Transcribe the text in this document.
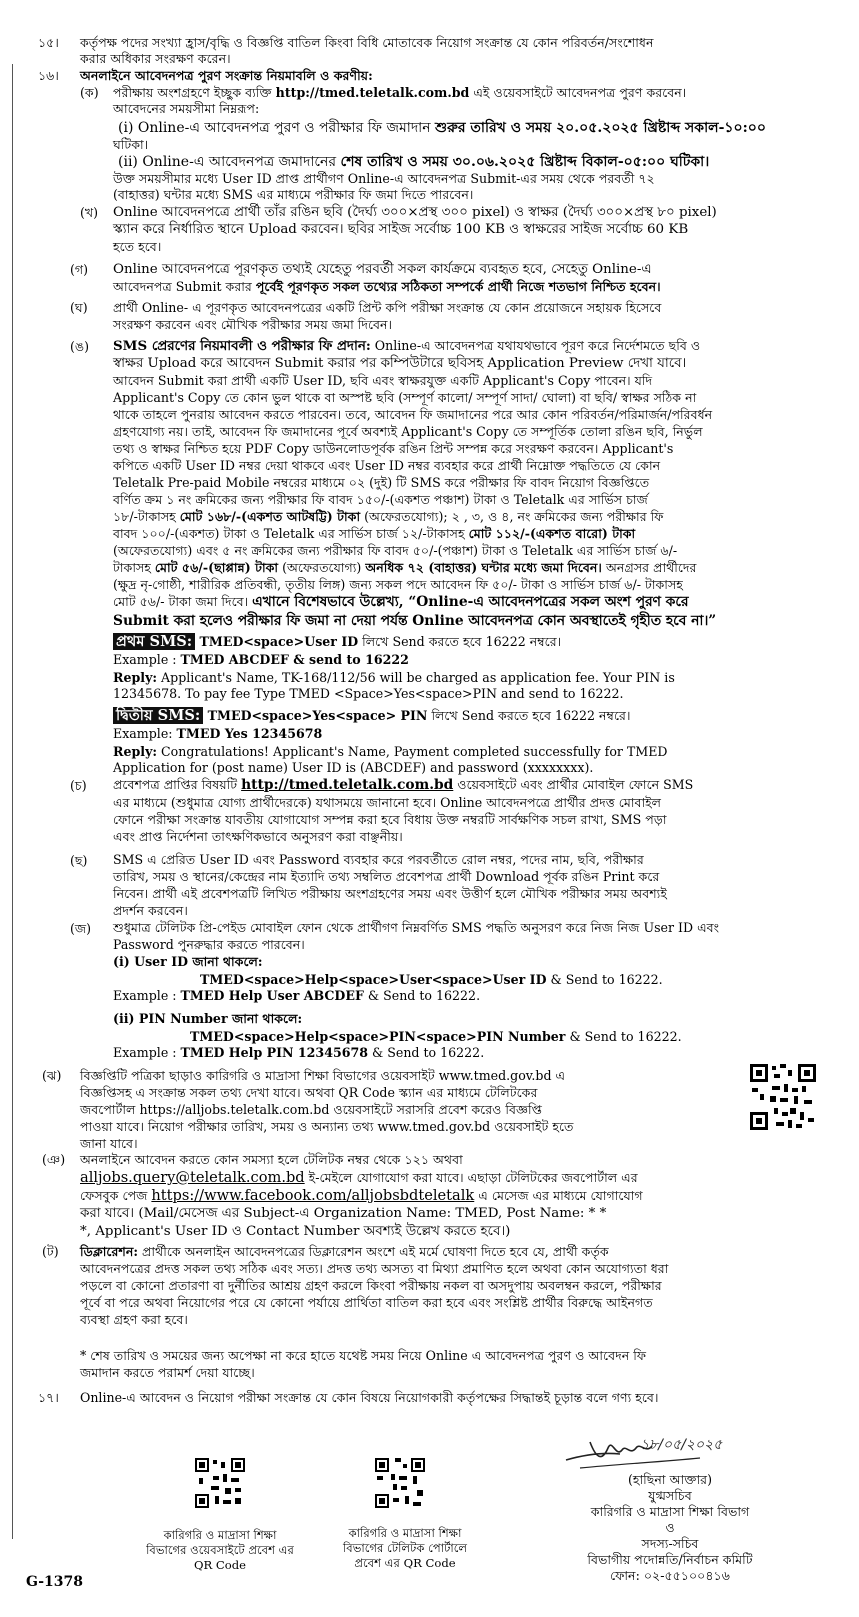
১৫। কর্তৃপক্ষ পদের সংখ্যা হ্রাস/বৃদ্ধি ও বিজ্ঞপ্তি বাতিল কিংবা বিধি মোতাবেক নিয়োগ সংক্রান্ত যে কোন পরিবর্তন/সংশোধন
করার অধিকার সংরক্ষণ করেন।
১৬। অনলাইনে আবেদনপত্র পুরণ সংক্রান্ত নিয়মাবলি ও করণীয়:
(ক) পরীক্ষায় অংশগ্রহণে ইচ্ছুক ব্যক্তি http://tmed.teletalk.com.bd এই ওয়েবসাইটে আবেদনপত্র পুরণ করবেন।
আবেদনের সময়সীমা নিম্নরূপ:
(i) Online-এ আবেদনপত্র পুরণ ও পরীক্ষার ফি জমাদান শুরুর তারিখ ও সময় ২০.০৫.২০২৫ খ্রিষ্টাব্দ সকাল-১০:০০
ঘটিকা।
(ii) Online-এ আবেদনপত্র জমাদানের শেষ তারিখ ও সময় ৩০.০৬.২০২৫ খ্রিষ্টাব্দ বিকাল-০৫:০০ ঘটিকা।
উক্ত সময়সীমার মধ্যে User ID প্রাপ্ত প্রার্থীগণ Online-এ আবেদনপত্র Submit-এর সময় থেকে পরবর্তী ৭২
(বাহাত্তর) ঘন্টার মধ্যে SMS এর মাধ্যমে পরীক্ষার ফি জমা দিতে পারবেন।
(খ) Online আবেদনপত্রে প্রার্থী তাঁর রঙিন ছবি (দৈর্ঘ্য ৩০০×প্রস্থ ৩০০ pixel) ও স্বাক্ষর (দৈর্ঘ্য ৩০০×প্রস্থ ৮০ pixel)
স্ক্যান করে নির্ধারিত স্থানে Upload করবেন। ছবির সাইজ সর্বোচ্চ 100 KB ও স্বাক্ষরের সাইজ সর্বোচ্চ 60 KB
হতে হবে।
(গ) Online আবেদনপত্রে পূরণকৃত তথ্যই যেহেতু পরবর্তী সকল কার্যক্রমে ব্যবহৃত হবে, সেহেতু Online-এ
আবেদনপত্র Submit করার পূর্বেই পূরণকৃত সকল তথ্যের সঠিকতা সম্পর্কে প্রার্থী নিজে শতভাগ নিশ্চিত হবেন।
(ঘ) প্রার্থী Online- এ পূরণকৃত আবেদনপত্রের একটি প্রিন্ট কপি পরীক্ষা সংক্রান্ত যে কোন প্রয়োজনে সহায়ক হিসেবে
সংরক্ষণ করবেন এবং মৌখিক পরীক্ষার সময় জমা দিবেন।
(ঙ) SMS প্রেরণের নিয়মাবলী ও পরীক্ষার ফি প্রদান: Online-এ আবেদনপত্র যথাযথভাবে পূরণ করে নির্দেশমতে ছবি ও
স্বাক্ষর Upload করে আবেদন Submit করার পর কম্পিউটারে ছবিসহ Application Preview দেখা যাবে।
আবেদন Submit করা প্রার্থী একটি User ID, ছবি এবং স্বাক্ষরযুক্ত একটি Applicant's Copy পাবেন। যদি
Applicant's Copy তে কোন ভুল থাকে বা অস্পষ্ট ছবি (সম্পূর্ণ কালো/ সম্পূর্ণ সাদা/ ঘোলা) বা ছবি/ স্বাক্ষর সঠিক না
থাকে তাহলে পুনরায় আবেদন করতে পারবেন। তবে, আবেদন ফি জমাদানের পরে আর কোন পরিবর্তন/পরিমার্জন/পরিবর্ধন
গ্রহণযোগ্য নয়। তাই, আবেদন ফি জমাদানের পূর্বে অবশ্যই Applicant's Copy তে সম্পূর্তিক তোলা রঙিন ছবি, নির্ভুল
তথ্য ও স্বাক্ষর নিশ্চিত হয়ে PDF Copy ডাউনলোডপূর্বক রঙিন প্রিন্ট সম্পন্ন করে সংরক্ষণ করবেন। Applicant's
কপিতে একটি User ID নম্বর দেয়া থাকবে এবং User ID নম্বর ব্যবহার করে প্রার্থী নিম্নোক্ত পদ্ধতিতে যে কোন
Teletalk Pre-paid Mobile নম্বরের মাধ্যমে ০২ (দুই) টি SMS করে পরীক্ষার ফি বাবদ নিয়োগ বিজ্ঞপ্তিতে
বর্ণিত ক্রম ১ নং ক্রমিকের জন্য পরীক্ষার ফি বাবদ ১৫০/-(একশত পঞ্চাশ) টাকা ও Teletalk এর সার্ভিস চার্জ
১৮/-টাকাসহ মোট ১৬৮/-(একশত আটষট্টি) টাকা (অফেরতযোগ্য); ২ , ৩, ও ৪, নং ক্রমিকের জন্য পরীক্ষার ফি
বাবদ ১০০/-(একশত) টাকা ও Teletalk এর সার্ভিস চার্জ ১২/-টাকাসহ মোট ১১২/-(একশত বারো) টাকা
(অফেরতযোগ্য) এবং ৫ নং ক্রমিকের জন্য পরীক্ষার ফি বাবদ ৫০/-(পঞ্চাশ) টাকা ও Teletalk এর সার্ভিস চার্জ ৬/-
টাকাসহ মোট ৫৬/-(ছাপ্পান্ন) টাকা (অফেরতযোগ্য) অনধিক ৭২ (বাহাত্তর) ঘন্টার মধ্যে জমা দিবেন। অনগ্রসর প্রার্থীদের
(ক্ষুদ্র নৃ-গোষ্ঠী, শারীরিক প্রতিবন্ধী, তৃতীয় লিঙ্গ) জন্য সকল পদে আবেদন ফি ৫০/- টাকা ও সার্ভিস চার্জ ৬/- টাকাসহ
মোট ৫৬/- টাকা জমা দিবে। এখানে বিশেষভাবে উল্লেখ্য, “Online-এ আবেদনপত্রের সকল অংশ পুরণ করে
Submit করা হলেও পরীক্ষার ফি জমা না দেয়া পর্যন্ত Online আবেদনপত্র কোন অবস্থাতেই গৃহীত হবে না।”
প্রথম SMS: TMED<space>User ID লিখে Send করতে হবে 16222 নম্বরে।
Example : TMED ABCDEF & send to 16222
Reply: Applicant's Name, TK-168/112/56 will be charged as application fee. Your PIN is
12345678. To pay fee Type TMED <Space>Yes<space>PIN and send to 16222.
দ্বিতীয় SMS: TMED<space>Yes<space> PIN লিখে Send করতে হবে 16222 নম্বরে।
Example: TMED Yes 12345678
Reply: Congratulations! Applicant's Name, Payment completed successfully for TMED
Application for (post name) User ID is (ABCDEF) and password (xxxxxxxx).
(চ) প্রবেশপত্র প্রাপ্তির বিষয়টি http://tmed.teletalk.com.bd ওয়েবসাইটে এবং প্রার্থীর মোবাইল ফোনে SMS
এর মাধ্যমে (শুধুমাত্র যোগ্য প্রার্থীদেরকে) যথাসময়ে জানানো হবে। Online আবেদনপত্রে প্রার্থীর প্রদত্ত মোবাইল
ফোনে পরীক্ষা সংক্রান্ত যাবতীয় যোগাযোগ সম্পন্ন করা হবে বিধায় উক্ত নম্বরটি সার্বক্ষণিক সচল রাখা, SMS পড়া
এবং প্রাপ্ত নির্দেশনা তাৎক্ষণিকভাবে অনুসরণ করা বাঞ্ছনীয়।
(ছ) SMS এ প্রেরিত User ID এবং Password ব্যবহার করে পরবর্তীতে রোল নম্বর, পদের নাম, ছবি, পরীক্ষার
তারিখ, সময় ও স্থানের/কেন্দ্রের নাম ইত্যাদি তথ্য সম্বলিত প্রবেশপত্র প্রার্থী Download পূর্বক রঙিন Print করে
নিবেন। প্রার্থী এই প্রবেশপত্রটি লিখিত পরীক্ষায় অংশগ্রহণের সময় এবং উত্তীর্ণ হলে মৌখিক পরীক্ষার সময় অবশ্যই
প্রদর্শন করবেন।
(জ) শুধুমাত্র টেলিটক প্রি-পেইড মোবাইল ফোন থেকে প্রার্থীগণ নিম্নবর্ণিত SMS পদ্ধতি অনুসরণ করে নিজ নিজ User ID এবং
Password পুনরুদ্ধার করতে পারবেন।
(i) User ID জানা থাকলে:
TMED<space>Help<space>User<space>User ID & Send to 16222.
Example : TMED Help User ABCDEF & Send to 16222.
(ii) PIN Number জানা থাকলে:
TMED<space>Help<space>PIN<space>PIN Number & Send to 16222.
Example : TMED Help PIN 12345678 & Send to 16222.
(ঝ) বিজ্ঞপ্তিটি পত্রিকা ছাড়াও কারিগরি ও মাদ্রাসা শিক্ষা বিভাগের ওয়েবসাইট www.tmed.gov.bd এ
বিজ্ঞপ্তিসহ এ সংক্রান্ত সকল তথ্য দেখা যাবে। অথবা QR Code স্ক্যান এর মাধ্যমে টেলিটকের
জবপোর্টাল https://alljobs.teletalk.com.bd ওয়েবসাইটে সরাসরি প্রবেশ করেও বিজ্ঞপ্তি
পাওয়া যাবে। নিয়োগ পরীক্ষার তারিখ, সময় ও অন্যান্য তথ্য www.tmed.gov.bd ওয়েবসাইট হতে
জানা যাবে।
(ঞ) অনলাইনে আবেদন করতে কোন সমস্যা হলে টেলিটক নম্বর থেকে ১২১ অথবা
alljobs.query@teletalk.com.bd ই-মেইলে যোগাযোগ করা যাবে। এছাড়া টেলিটকের জবপোর্টাল এর
ফেসবুক পেজ https://www.facebook.com/alljobsbdteletalk এ মেসেজ এর মাধ্যমে যোগাযোগ
করা যাবে। (Mail/মেসেজ এর Subject-এ Organization Name: TMED, Post Name: * *
*, Applicant's User ID ও Contact Number অবশ্যই উল্লেখ করতে হবে।)
(ট) ডিক্লারেশন: প্রার্থীকে অনলাইন আবেদনপত্রের ডিক্লারেশন অংশে এই মর্মে ঘোষণা দিতে হবে যে, প্রার্থী কর্তৃক
আবেদনপত্রের প্রদত্ত সকল তথ্য সঠিক এবং সত্য। প্রদত্ত তথ্য অসত্য বা মিথ্যা প্রমাণিত হলে অথবা কোন অযোগ্যতা ধরা
পড়লে বা কোনো প্রতারণা বা দুর্নীতির আশ্রয় গ্রহণ করলে কিংবা পরীক্ষায় নকল বা অসদুপায় অবলম্বন করলে, পরীক্ষার
পূর্বে বা পরে অথবা নিয়োগের পরে যে কোনো পর্যায়ে প্রার্থিতা বাতিল করা হবে এবং সংশ্লিষ্ট প্রার্থীর বিরুদ্ধে আইনগত
ব্যবস্থা গ্রহণ করা হবে।
* শেষ তারিখ ও সময়ের জন্য অপেক্ষা না করে হাতে যথেষ্ট সময় নিয়ে Online এ আবেদনপত্র পুরণ ও আবেদন ফি
জমাদান করতে পরামর্শ দেয়া যাচ্ছে।
১৭। Online-এ আবেদন ও নিয়োগ পরীক্ষা সংক্রান্ত যে কোন বিষয়ে নিয়োগকারী কর্তৃপক্ষের সিদ্ধান্তই চূড়ান্ত বলে গণ্য হবে।
কারিগরি ও মাদ্রাসা শিক্ষা
বিভাগের ওয়েবসাইটে প্রবেশ এর
QR Code
কারিগরি ও মাদ্রাসা শিক্ষা
বিভাগের টেলিটক পোর্টালে
প্রবেশ এর QR Code
১৮/০৫/২০২৫
(হাছিনা আক্তার)
যুগ্মসচিব
কারিগরি ও মাদ্রাসা শিক্ষা বিভাগ
ও
সদস্য-সচিব
বিভাগীয় পদোন্নতি/নির্বাচন কমিটি
ফোন: ০২-৫৫১০০৪১৬
G-1378
